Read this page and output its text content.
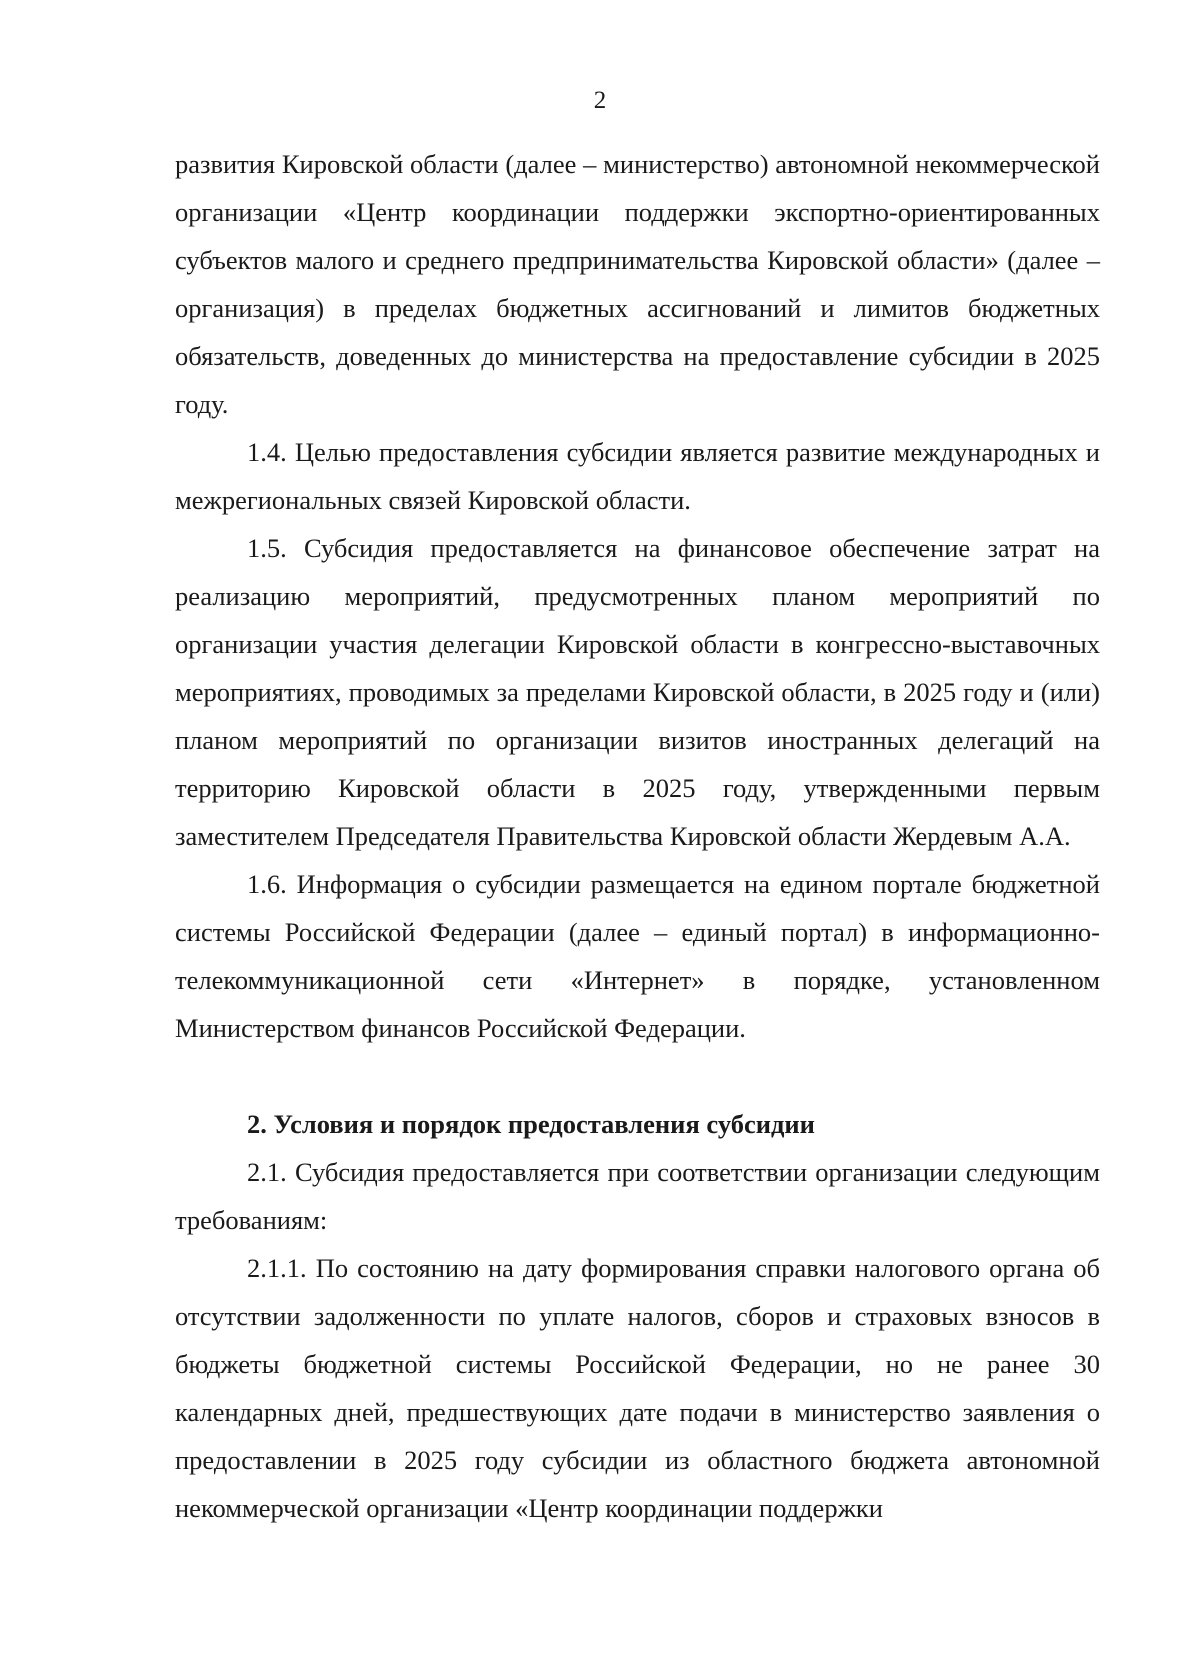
2

развития Кировской области (далее – министерство) автономной некоммерческой организации «Центр координации поддержки экспортно-ориентированных субъектов малого и среднего предпринимательства Кировской области» (далее – организация) в пределах бюджетных ассигнований и лимитов бюджетных обязательств, доведенных до министерства на предоставление субсидии в 2025 году.

1.4. Целью предоставления субсидии является развитие международных и межрегиональных связей Кировской области.

1.5. Субсидия предоставляется на финансовое обеспечение затрат на реализацию мероприятий, предусмотренных планом мероприятий по организации участия делегации Кировской области в конгрессно-выставочных мероприятиях, проводимых за пределами Кировской области, в 2025 году и (или) планом мероприятий по организации визитов иностранных делегаций на территорию Кировской области в 2025 году, утвержденными первым заместителем Председателя Правительства Кировской области Жердевым А.А.

1.6. Информация о субсидии размещается на едином портале бюджетной системы Российской Федерации (далее – единый портал) в информационно-телекоммуникационной сети «Интернет» в порядке, установленном Министерством финансов Российской Федерации.

2. Условия и порядок предоставления субсидии

2.1. Субсидия предоставляется при соответствии организации следующим требованиям:

2.1.1. По состоянию на дату формирования справки налогового органа об отсутствии задолженности по уплате налогов, сборов и страховых взносов в бюджеты бюджетной системы Российской Федерации, но не ранее 30 календарных дней, предшествующих дате подачи в министерство заявления о предоставлении в 2025 году субсидии из областного бюджета автономной некоммерческой организации «Центр координации поддержки
